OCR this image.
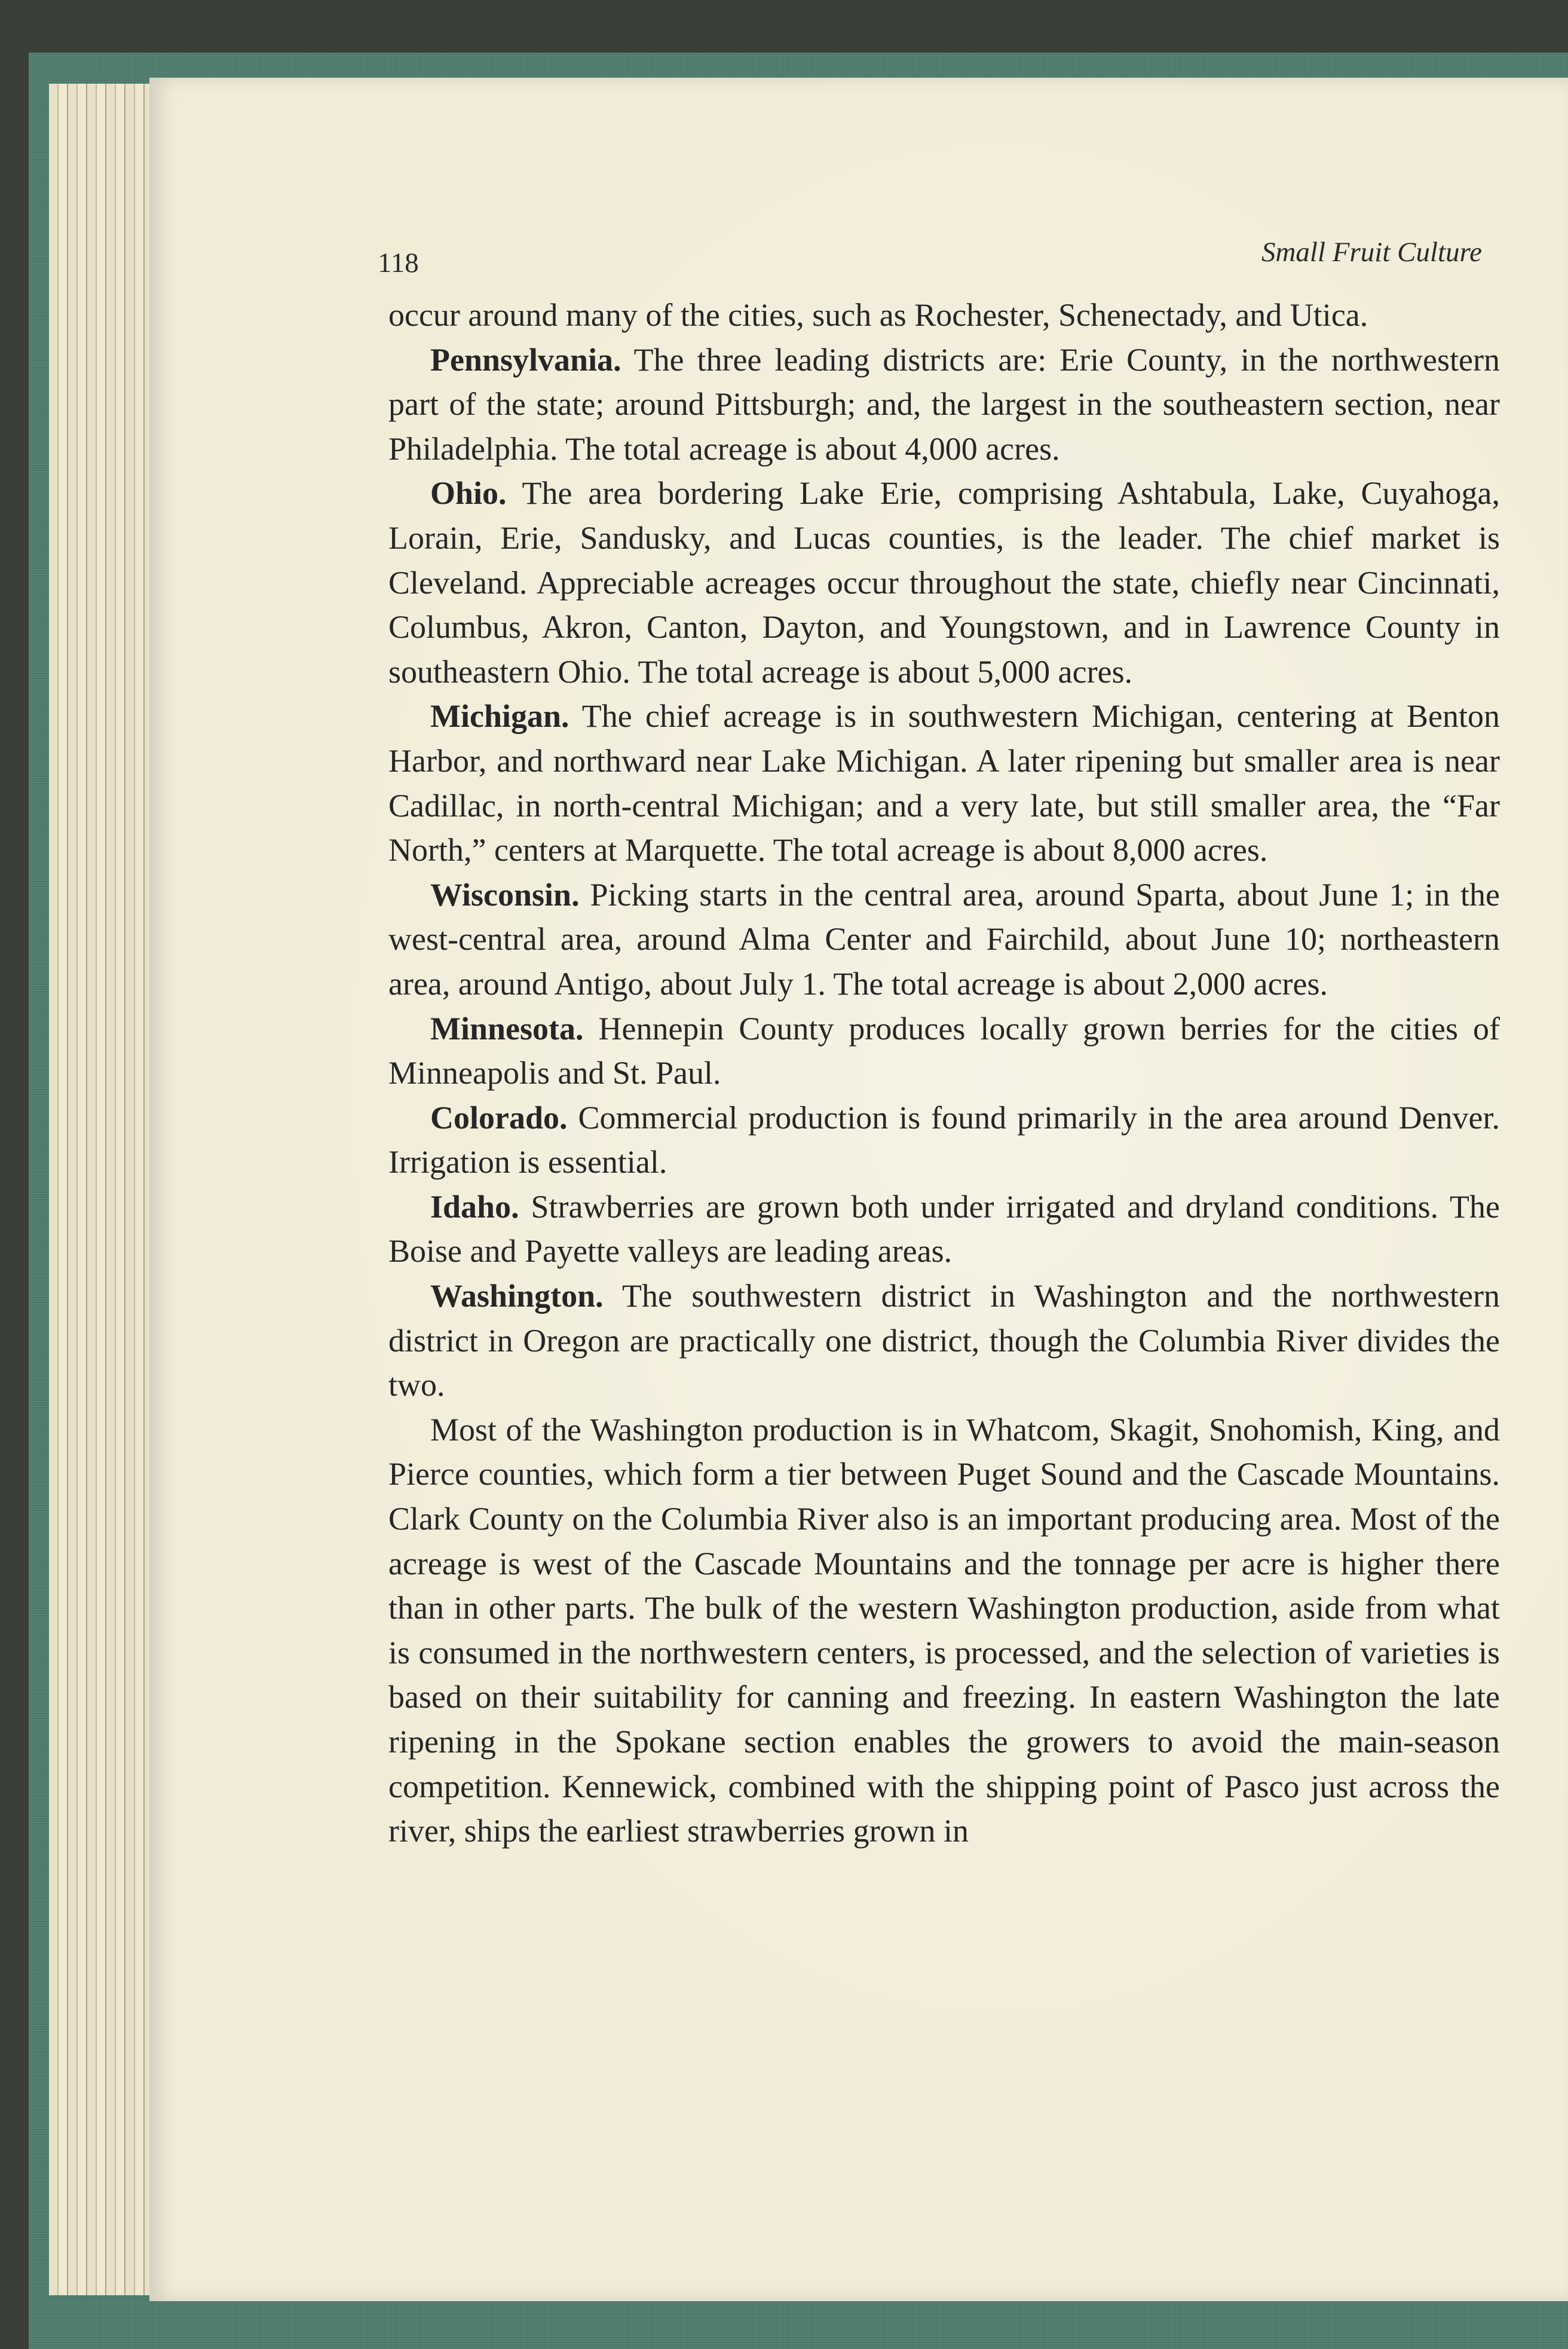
118	Small Fruit Culture

occur around many of the cities, such as Rochester, Schenectady, and Utica.

Pennsylvania. The three leading districts are: Erie County, in the northwestern part of the state; around Pittsburgh; and, the largest in the southeastern section, near Philadelphia. The total acreage is about 4,000 acres.

Ohio. The area bordering Lake Erie, comprising Ashtabula, Lake, Cuyahoga, Lorain, Erie, Sandusky, and Lucas counties, is the leader. The chief market is Cleveland. Appreciable acreages occur throughout the state, chiefly near Cincinnati, Columbus, Akron, Canton, Dayton, and Youngstown, and in Lawrence County in southeastern Ohio. The total acreage is about 5,000 acres.

Michigan. The chief acreage is in southwestern Michigan, centering at Benton Harbor, and northward near Lake Michigan. A later ripening but smaller area is near Cadillac, in north-central Michigan; and a very late, but still smaller area, the “Far North,” centers at Marquette. The total acreage is about 8,000 acres.

Wisconsin. Picking starts in the central area, around Sparta, about June 1; in the west-central area, around Alma Center and Fairchild, about June 10; northeastern area, around Antigo, about July 1. The total acreage is about 2,000 acres.

Minnesota. Hennepin County produces locally grown berries for the cities of Minneapolis and St. Paul.

Colorado. Commercial production is found primarily in the area around Denver. Irrigation is essential.

Idaho. Strawberries are grown both under irrigated and dryland conditions. The Boise and Payette valleys are leading areas.

Washington. The southwestern district in Washington and the northwestern district in Oregon are practically one district, though the Columbia River divides the two.

Most of the Washington production is in Whatcom, Skagit, Snohomish, King, and Pierce counties, which form a tier between Puget Sound and the Cascade Mountains. Clark County on the Columbia River also is an important producing area. Most of the acreage is west of the Cascade Mountains and the tonnage per acre is higher there than in other parts. The bulk of the western Washington production, aside from what is consumed in the northwestern centers, is processed, and the selection of varieties is based on their suitability for canning and freezing. In eastern Washington the late ripening in the Spokane section enables the growers to avoid the main-season competition. Kennewick, combined with the shipping point of Pasco just across the river, ships the earliest strawberries grown in
